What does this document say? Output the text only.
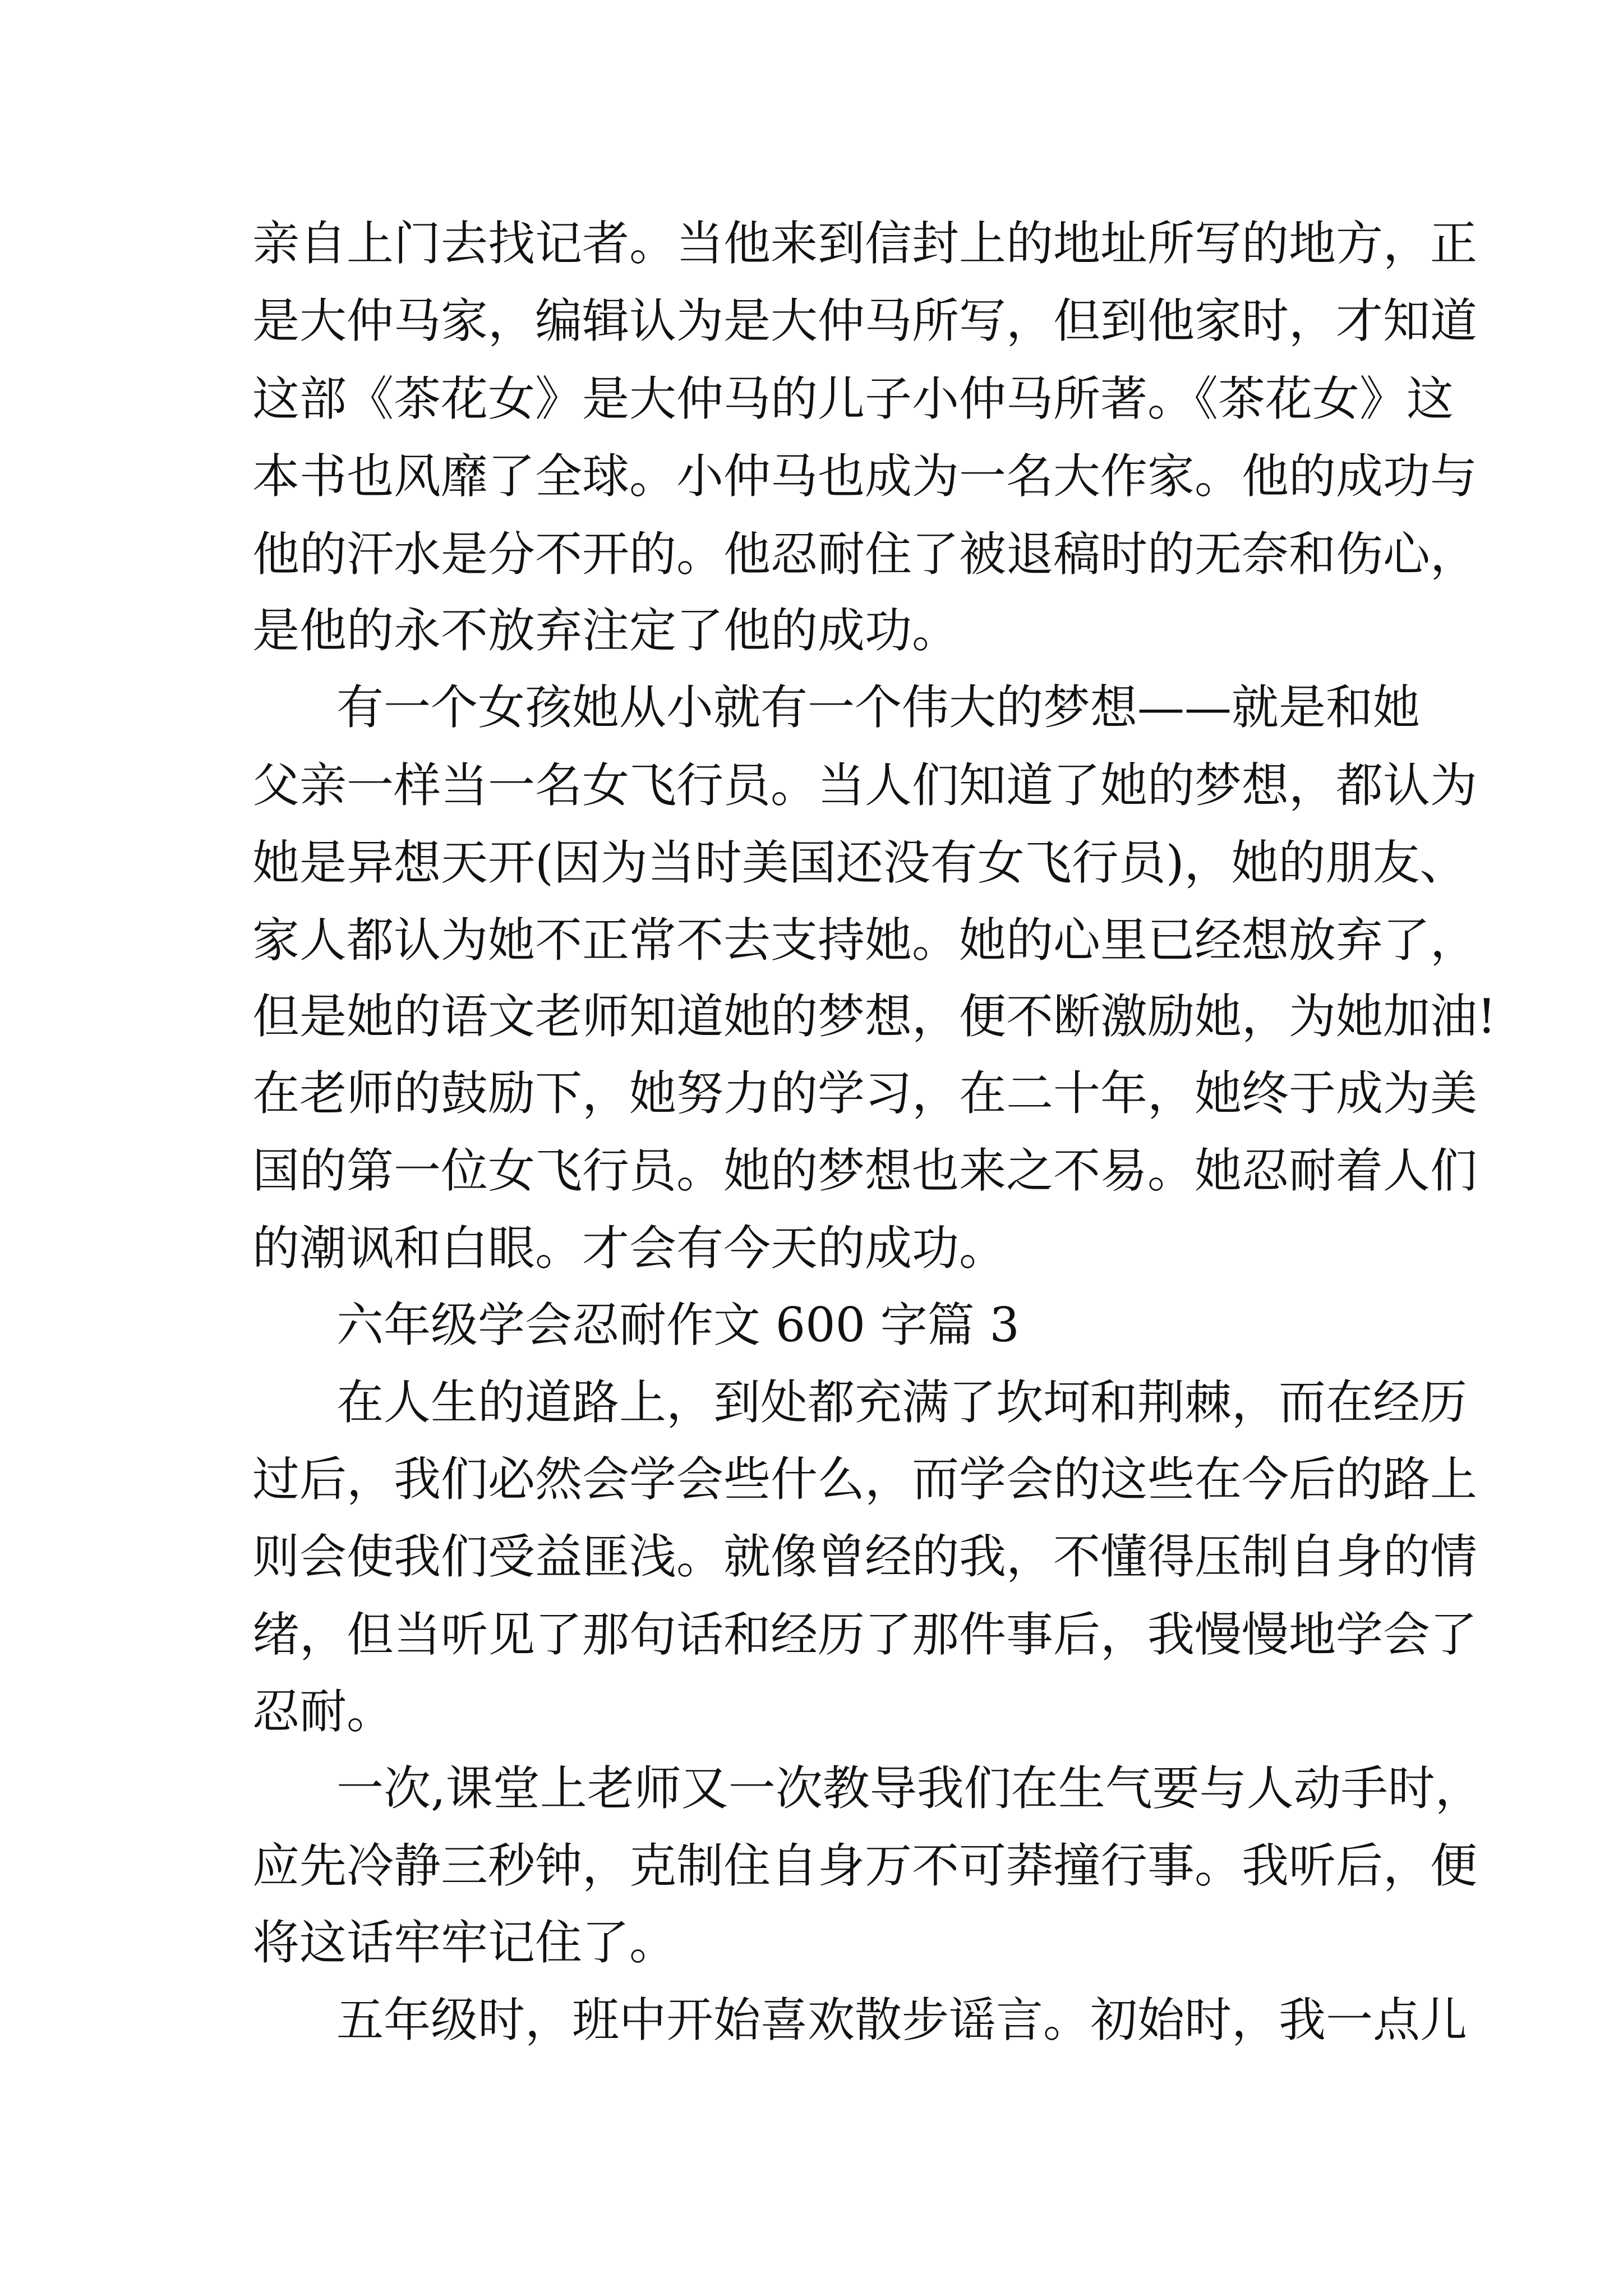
亲自上门去找记者。当他来到信封上的地址所写的地方，正
是大仲马家，编辑认为是大仲马所写，但到他家时，才知道
这部《茶花女》是大仲马的儿子小仲马所著。《茶花女》这
本书也风靡了全球。小仲马也成为一名大作家。他的成功与
他的汗水是分不开的。他忍耐住了被退稿时的无奈和伤心，
是他的永不放弃注定了他的成功。
有一个女孩她从小就有一个伟大的梦想——就是和她
父亲一样当一名女飞行员。当人们知道了她的梦想，都认为
她是异想天开(因为当时美国还没有女飞行员)，她的朋友、
家人都认为她不正常不去支持她。她的心里已经想放弃了，
但是她的语文老师知道她的梦想，便不断激励她，为她加油!
在老师的鼓励下，她努力的学习，在二十年，她终于成为美
国的第一位女飞行员。她的梦想也来之不易。她忍耐着人们
的潮讽和白眼。才会有今天的成功。
六年级学会忍耐作文 600 字篇 3
在人生的道路上，到处都充满了坎坷和荆棘，而在经历
过后，我们必然会学会些什么，而学会的这些在今后的路上
则会使我们受益匪浅。就像曾经的我，不懂得压制自身的情
绪，但当听见了那句话和经历了那件事后，我慢慢地学会了
忍耐。
一次,课堂上老师又一次教导我们在生气要与人动手时，
应先冷静三秒钟，克制住自身万不可莽撞行事。我听后，便
将这话牢牢记住了。
五年级时，班中开始喜欢散步谣言。初始时，我一点儿
